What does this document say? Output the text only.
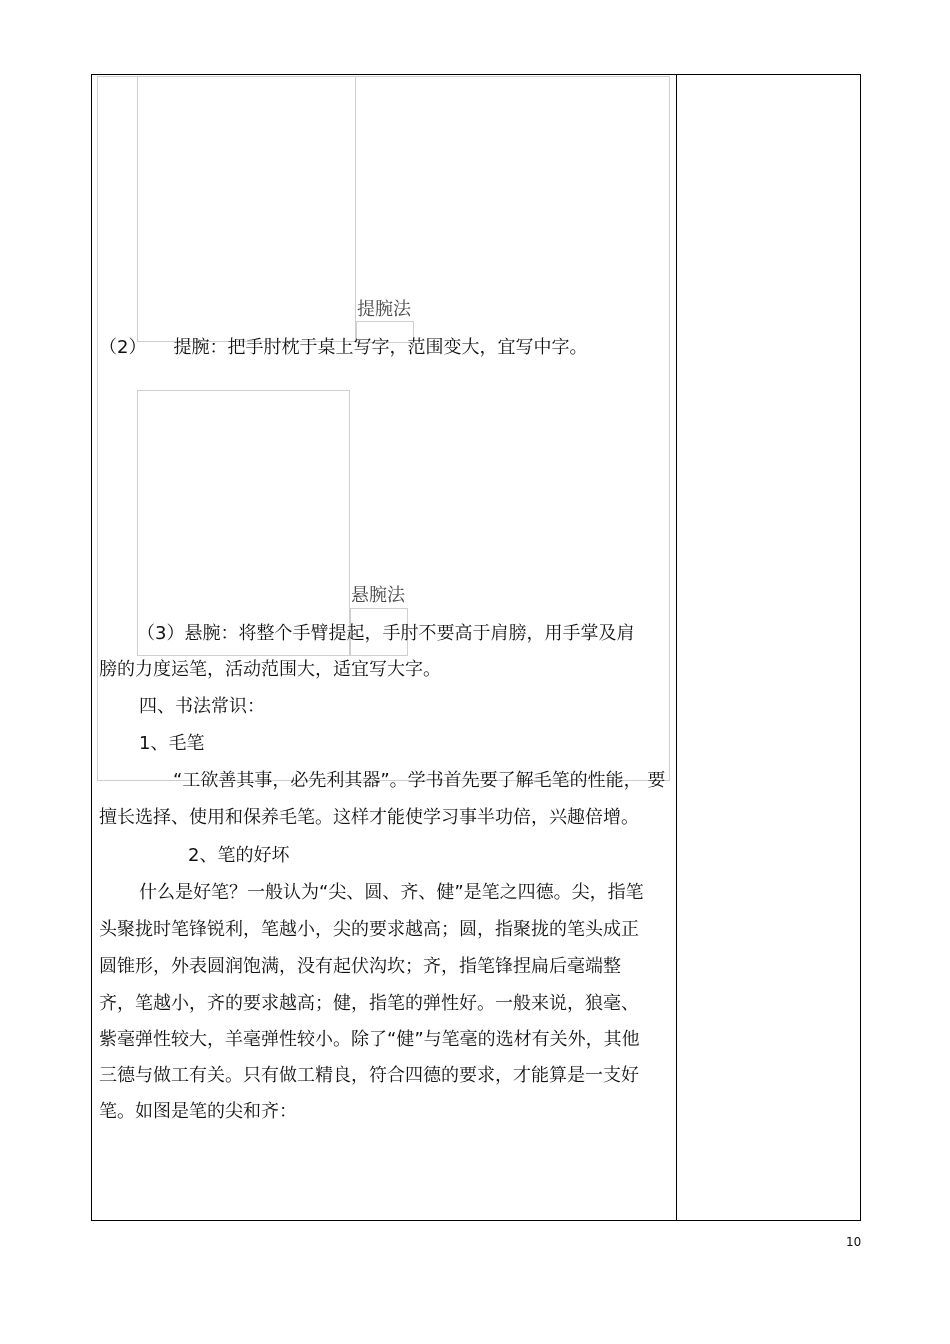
提腕法
（2）　　提腕：把手肘枕于桌上写字，范围变大，宜写中字。
悬腕法
（3）悬腕：将整个手臂提起，手肘不要高于肩膀，用手掌及肩
膀的力度运笔，活动范围大，适宜写大字。
四、书法常识：
1、毛笔
“工欲善其事，必先利其器”。学书首先要了解毛笔的性能， 要
擅长选择、使用和保养毛笔。这样才能使学习事半功倍，兴趣倍增。
2、笔的好坏
什么是好笔？一般认为“尖、圆、齐、健”是笔之四德。尖，指笔
头聚拢时笔锋锐利，笔越小，尖的要求越高；圆，指聚拢的笔头成正
圆锥形，外表圆润饱满，没有起伏沟坎；齐，指笔锋捏扁后毫端整
齐，笔越小，齐的要求越高；健，指笔的弹性好。一般来说，狼毫、
紫毫弹性较大，羊毫弹性较小。除了“健”与笔毫的选材有关外，其他
三德与做工有关。只有做工精良，符合四德的要求，才能算是一支好
笔。如图是笔的尖和齐：
10
